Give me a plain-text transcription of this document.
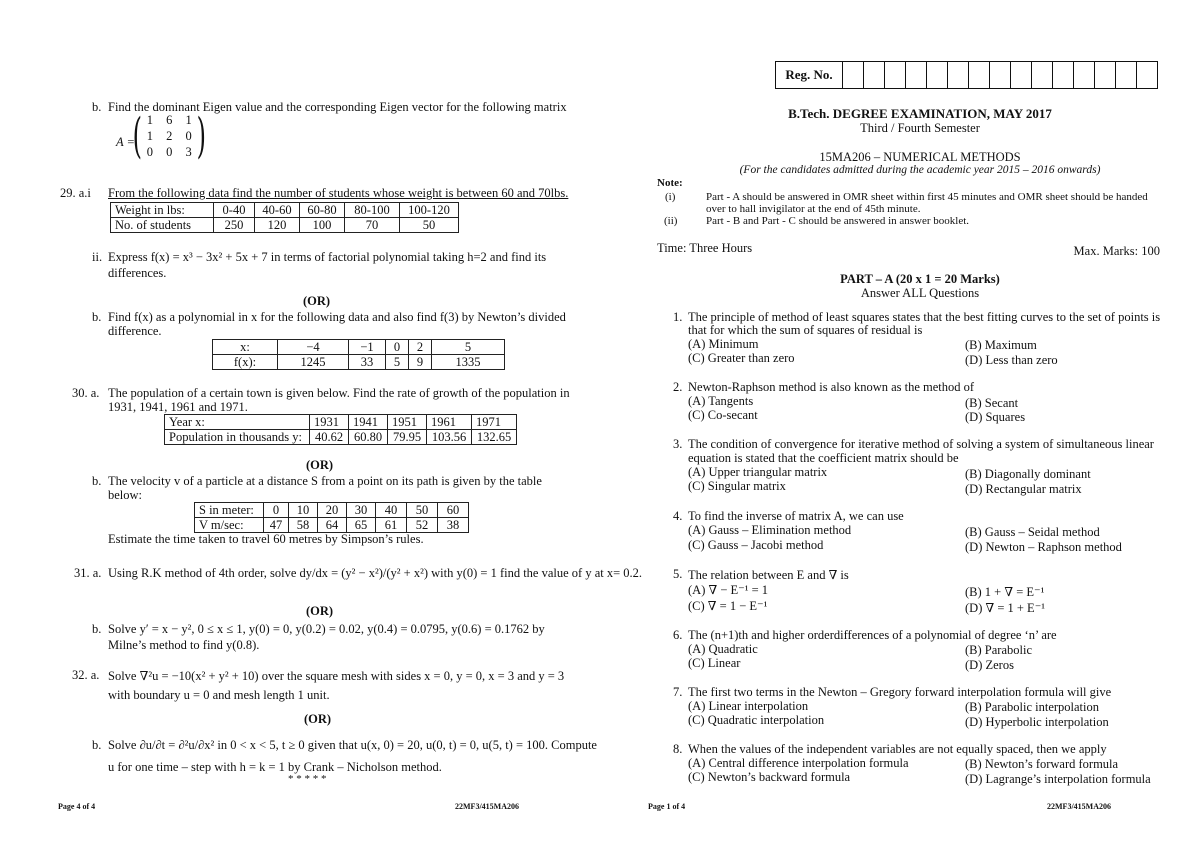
b. Find the dominant Eigen value and the corresponding Eigen vector for the following matrix
A =
( 1 6 1
1 2 0
0 0 3 )
29. a.i From the following data find the number of students whose weight is between 60 and 70lbs.
Weight in lbs:	0-40	40-60	60-80	80-100	100-120
No. of students	250	120	100	70	50
ii. Express f(x) = x³ − 3x² + 5x + 7 in terms of factorial polynomial taking h=2 and find its
differences.
(OR)
b. Find f(x) as a polynomial in x for the following data and also find f(3) by Newton’s divided
difference.
x:	−4	−1	0	2	5
f(x):	1245	33	5	9	1335
30. a. The population of a certain town is given below. Find the rate of growth of the population in
1931, 1941, 1961 and 1971.
Year x:	1931	1941	1951	1961	1971
Population in thousands y:	40.62	60.80	79.95	103.56	132.65
(OR)
b. The velocity v of a particle at a distance S from a point on its path is given by the table
below:
S in meter:	0	10	20	30	40	50	60
V m/sec:	47	58	64	65	61	52	38
Estimate the time taken to travel 60 metres by Simpson’s rules.
31. a. Using R.K method of 4th order, solve dy/dx = (y² − x²)/(y² + x²) with y(0) = 1 find the value of y at x= 0.2.
(OR)
b. Solve y′ = x − y², 0 ≤ x ≤ 1, y(0) = 0, y(0.2) = 0.02, y(0.4) = 0.0795, y(0.6) = 0.1762 by
Milne’s method to find y(0.8).
32. a. Solve ∇²u = −10(x² + y² + 10) over the square mesh with sides x = 0, y = 0, x = 3 and y = 3
with boundary u = 0 and mesh length 1 unit.
(OR)
b. Solve ∂u/∂t = ∂²u/∂x² in 0 < x < 5, t ≥ 0 given that u(x, 0) = 20, u(0, t) = 0, u(5, t) = 100. Compute
u for one time – step with h = k = 1 by Crank – Nicholson method.
* * * * *
Page 4 of 4	22MF3/415MA206
Reg. No.
B.Tech. DEGREE EXAMINATION, MAY 2017
Third / Fourth Semester
15MA206 – NUMERICAL METHODS
(For the candidates admitted during the academic year 2015 – 2016 onwards)
Note:
(i)	Part - A should be answered in OMR sheet within first 45 minutes and OMR sheet should be handed
over to hall invigilator at the end of 45th minute.
(ii)	Part - B and Part - C should be answered in answer booklet.
Time: Three Hours	Max. Marks: 100
PART – A (20 x 1 = 20 Marks)
Answer ALL Questions
1. The principle of method of least squares states that the best fitting curves to the set of points is
that for which the sum of squares of residual is
(A) Minimum	(B) Maximum
(C) Greater than zero	(D) Less than zero
2. Newton-Raphson method is also known as the method of
(A) Tangents	(B) Secant
(C) Co-secant	(D) Squares
3. The condition of convergence for iterative method of solving a system of simultaneous linear
equation is stated that the coefficient matrix should be
(A) Upper triangular matrix	(B) Diagonally dominant
(C) Singular matrix	(D) Rectangular matrix
4. To find the inverse of matrix A, we can use
(A) Gauss – Elimination method	(B) Gauss – Seidal method
(C) Gauss – Jacobi method	(D) Newton – Raphson method
5. The relation between E and ∇ is
(A) ∇ − E⁻¹ = 1	(B) 1 + ∇ = E⁻¹
(C) ∇ = 1 − E⁻¹	(D) ∇ = 1 + E⁻¹
6. The (n+1)th and higher orderdifferences of a polynomial of degree ‘n’ are
(A) Quadratic	(B) Parabolic
(C) Linear	(D) Zeros
7. The first two terms in the Newton – Gregory forward interpolation formula will give
(A) Linear interpolation	(B) Parabolic interpolation
(C) Quadratic interpolation	(D) Hyperbolic interpolation
8. When the values of the independent variables are not equally spaced, then we apply
(A) Central difference interpolation formula	(B) Newton’s forward formula
(C) Newton’s backward formula	(D) Lagrange’s interpolation formula
Page 1 of 4	22MF3/415MA206
